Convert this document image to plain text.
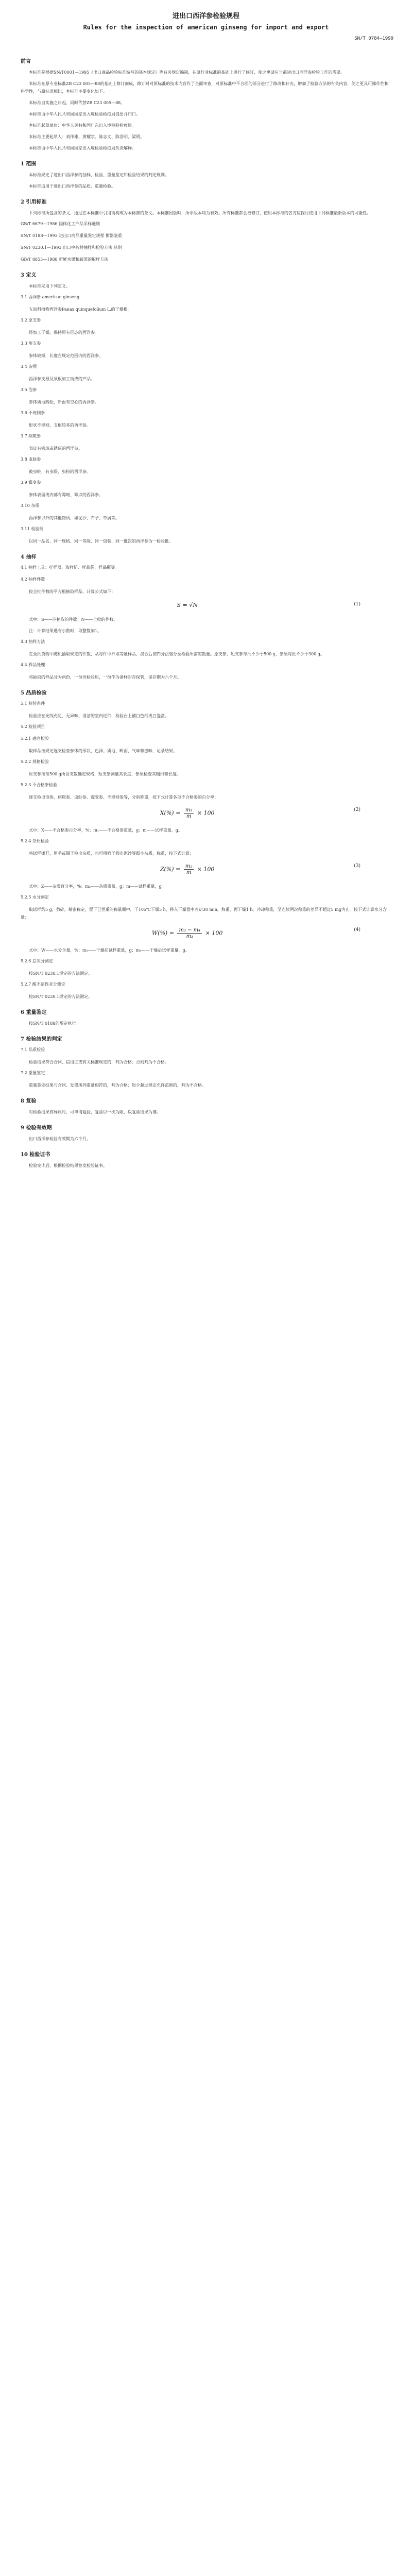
进出口西洋参检验规程
Rules for the inspection of american ginseng for import and export
SN/T 0784—1999
前言
本标准是根据SN/T0001—1995《出口商品检验标准编写的基本规定》等有关规定编制，在原行业标准的基础上进行了修订，使之更适应当前进出口西洋参检验工作的需要。
本标准在原专业标准ZB C23 005—88的基础上修订而成，修订时对原标准的技术内容作了全面审查，对原标准中不合理的部分进行了修改和补充，增加了检验方法的有关内容，使之更具可操作性和科学性，与原标准相比，本标准主要变化如下。
本标准自实施之日起，同时代替ZB C23 005—88。
本标准由中华人民共和国国家出入境检验检疫局提出并归口。
本标准起草单位：中华人民共和国广东出入境检验检疫局。
本标准主要起草人：刘伟雄、黄耀宗、陈志文、陈浩明、梁明。
本标准由中华人民共和国国家出入境检验检疫局负责解释。
1 范围
本标准规定了进出口西洋参的抽样、检验、重量鉴定和检验结果的判定规则。
本标准适用于进出口西洋参的品质、重量检验。
2 引用标准
下列标准所包含的条文，通过在本标准中引用而构成为本标准的条文。本标准出版时，所示版本均为有效。所有标准都会被修订，使用本标准的各方应探讨使用下列标准最新版本的可能性。
GB/T 6679—1986 固体化工产品采样通则
SN/T 0188—1993 进出口商品重量鉴定规程 衡器鉴重
SN/T 0230.1—1993 出口中药材抽样和检验方法 总则
GB/T 8855—1988 新鲜水果和蔬菜的取样方法
3 定义
本标准采用下列定义。
3.1 西洋参 american ginseng
五加科植物西洋参Panax quinquefolium L.的干燥根。
3.2 原支参
经加工干燥，保持原有形态的西洋参。
3.3 短支参
参体较短，长度在规定范围内的西洋参。
3.4 参须
西洋参支根及须根加工而成的产品。
3.5 泡参
参体质地疏松，断面有空心的西洋参。
3.6 不规则参
形状不规则，支根较多的西洋参。
3.7 病斑参
表皮有病斑或锈斑的西洋参。
3.8 虫蛀参
被虫蛀，有虫眼、虫粉的西洋参。
3.9 霉变参
参体表面或内部有霉斑、霉点的西洋参。
3.10 杂质
西洋参以外的其他物质，如泥沙、石子、草屑等。
3.11 检验批
以同一品名、同一规格、同一等级、同一包装、同一批次的西洋参为一检验批。
4 抽样
4.1 抽样工具：扦样器、取样铲、样品袋、样品瓶等。
4.2 抽样件数
按全批件数的平方根抽取样品，计算公式如下：
S = √N	(1)
式中：S——应抽取的件数；N——全批的件数。
注：计算结果遇有小数时，取整数加1。
4.3 抽样方法
在全批货物中随机抽取规定的件数，从每件中扦取等量样品，混合后按四分法缩分至检验所需的数量。原支参、短支参每批不少于500 g，参须每批不少于300 g。
4.4 样品处理
将抽取的样品分为两份，一份供检验用，一份作为备样封存保管，保存期为六个月。
5 品质检验
5.1 检验条件
检验应在光线充足、无异味、清洁的室内进行，检验台上铺白色纸或白瓷盘。
5.2 检验项目
5.2.1 感官检验
取样品按规定逐支检查参体的形状、色泽、质地、断面、气味和滋味，记录结果。
5.2.2 规格检验
原支参按每500 g所含支数确定规格，短支参测量其长度，参须检查其粗细和长度。
5.2.3 不合格参检验
逐支检出泡参、病斑参、虫蛀参、霉变参、不规则参等，分别称重，按下式计算各项不合格参的百分率：
$X(\%) = \frac{\text{m₁}}{m} \times 100$	(2)
式中：X——不合格参百分率，%；m₁——不合格参重量，g；m——试样重量，g。
5.2.4 杂质检验
将试样摊开，用手或镊子检出杂质，也可用筛子筛出泥沙等细小杂质，称重，按下式计算：
$Z(\%) = \frac{\text{m₂}}{m} \times 100$	(3)
式中：Z——杂质百分率，%；m₂——杂质重量，g；m——试样重量，g。
5.2.5 水分测定
取试样约5 g，剪碎，精密称定，置于已恒重的称量瓶中，于105℃干燥5 h，移入干燥器中冷却30 min，称重，再干燥1 h，冷却称重，至连续两次称重的差异不超过5 mg为止。按下式计算水分含量：
$W(\%) = \frac{\text{m₃ − m₄}}{\text{m₃}} \times 100$	(4)
式中：W——水分含量，%；m₃——干燥前试样重量，g；m₄——干燥后试样重量，g。
5.2.6 总灰分测定
按SN/T 0230.1规定的方法测定。
5.2.7 酸不溶性灰分测定
按SN/T 0230.1规定的方法测定。
6 重量鉴定
按SN/T 0188的规定执行。
7 检验结果的判定
7.1 品质检验
检验结果符合合同、信用证或有关标准规定的，判为合格；否则判为不合格。
7.2 重量鉴定
重量鉴定结果与合同、发票所列重量相符的，判为合格；短少超过规定允许范围的，判为不合格。
8 复验
对检验结果有异议时，可申请复验，复验以一次为限，以复验结果为准。
9 检验有效期
出口西洋参检验有效期为六个月。
10 检验证书
检验完毕后，根据检验结果签发检验证书。
